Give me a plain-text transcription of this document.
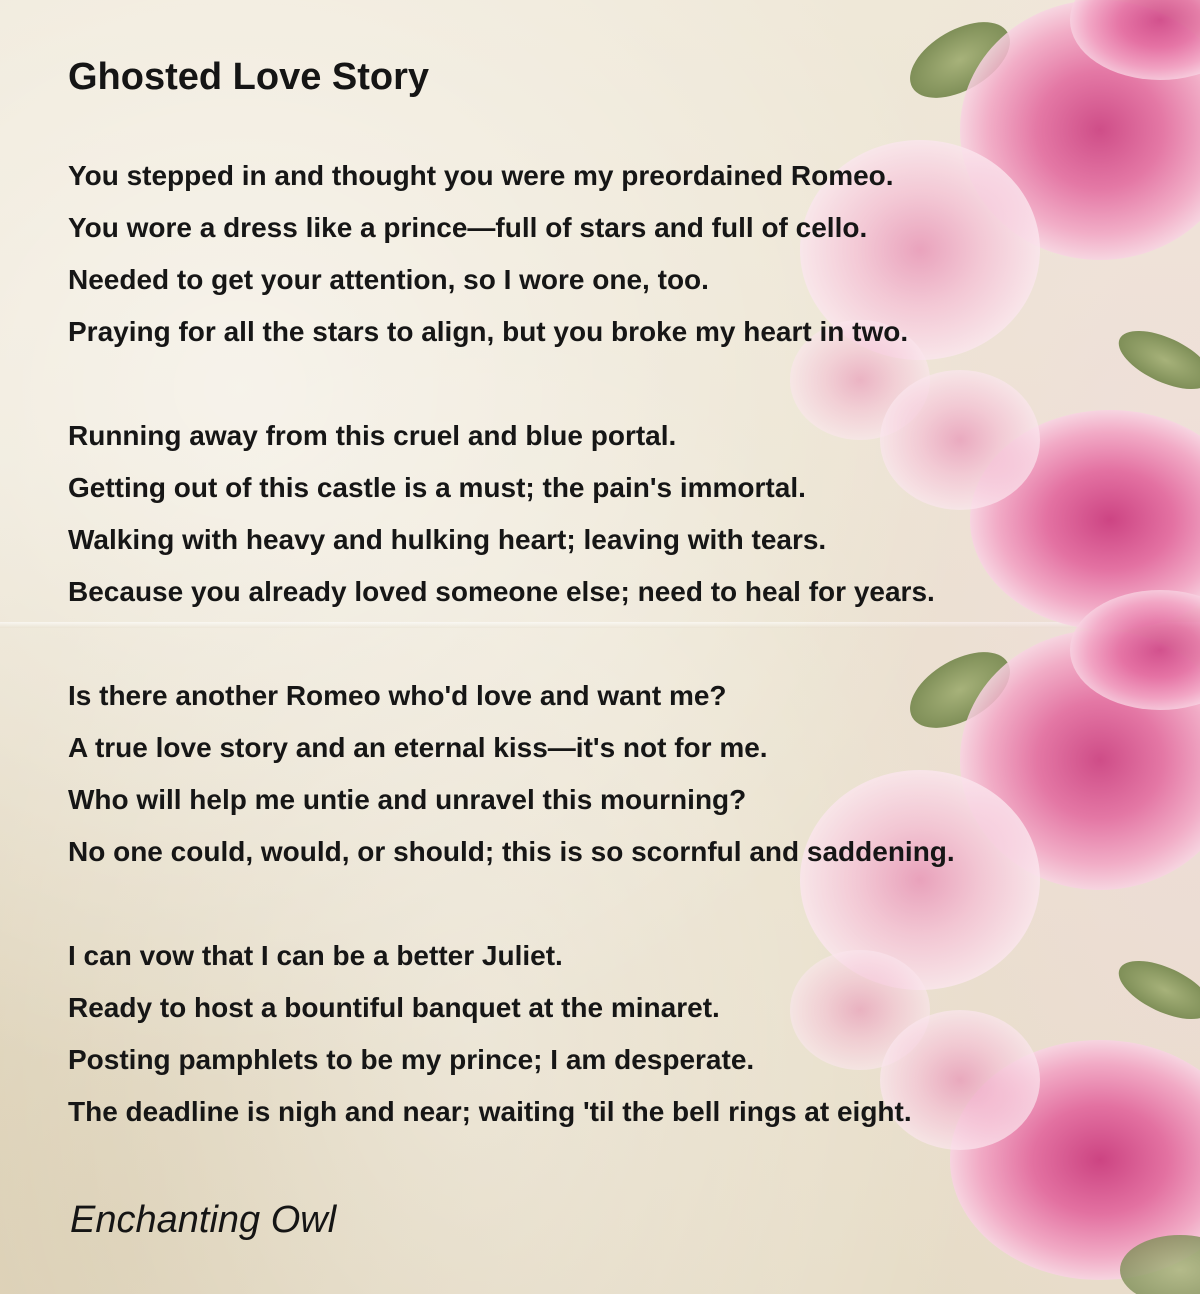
Ghosted Love Story

You stepped in and thought you were my preordained Romeo.
You wore a dress like a prince—full of stars and full of cello.
Needed to get your attention, so I wore one, too.
Praying for all the stars to align, but you broke my heart in two.

Running away from this cruel and blue portal.
Getting out of this castle is a must; the pain's immortal.
Walking with heavy and hulking heart; leaving with tears.
Because you already loved someone else; need to heal for years.

Is there another Romeo who'd love and want me?
A true love story and an eternal kiss—it's not for me.
Who will help me untie and unravel this mourning?
No one could, would, or should; this is so scornful and saddening.

I can vow that I can be a better Juliet.
Ready to host a bountiful banquet at the minaret.
Posting pamphlets to be my prince; I am desperate.
The deadline is nigh and near; waiting 'til the bell rings at eight.

Enchanting Owl
